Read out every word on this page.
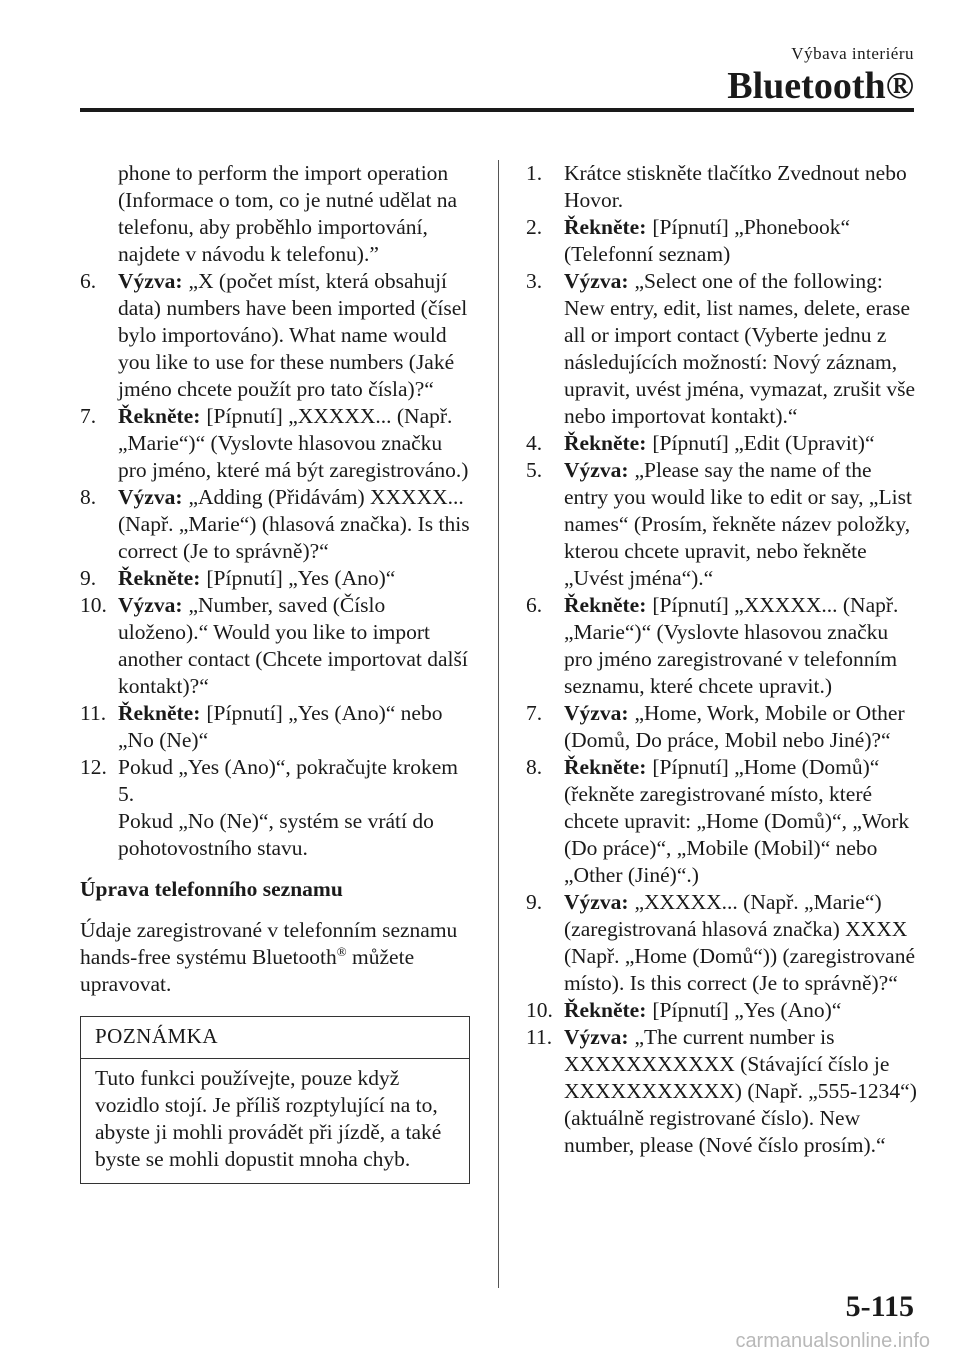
Výbava interiéru
Bluetooth®
phone to perform the import operation (Informace o tom, co je nutné udělat na telefonu, aby proběhlo importování, najdete v návodu k telefonu).”
6. Výzva: „X (počet míst, která obsahují data) numbers have been imported (čísel bylo importováno). What name would you like to use for these numbers (Jaké jméno chcete použít pro tato čísla)?“
7. Řekněte: [Pípnutí] „XXXXX... (Např. „Marie“)“ (Vyslovte hlasovou značku pro jméno, které má být zaregistrováno.)
8. Výzva: „Adding (Přidávám) XXXXX... (Např. „Marie“) (hlasová značka). Is this correct (Je to správně)?“
9. Řekněte: [Pípnutí] „Yes (Ano)“
10. Výzva: „Number, saved (Číslo uloženo).“ Would you like to import another contact (Chcete importovat další kontakt)?“
11. Řekněte: [Pípnutí] „Yes (Ano)“ nebo „No (Ne)“
12. Pokud „Yes (Ano)“, pokračujte krokem 5.
Pokud „No (Ne)“, systém se vrátí do pohotovostního stavu.
Úprava telefonního seznamu
Údaje zaregistrované v telefonním seznamu hands-free systému Bluetooth® můžete upravovat.
POZNÁMKA
Tuto funkci používejte, pouze když vozidlo stojí. Je příliš rozptylující na to, abyste ji mohli provádět při jízdě, a také byste se mohli dopustit mnoha chyb.
1. Krátce stiskněte tlačítko Zvednout nebo Hovor.
2. Řekněte: [Pípnutí] „Phonebook“ (Telefonní seznam)
3. Výzva: „Select one of the following: New entry, edit, list names, delete, erase all or import contact (Vyberte jednu z následujících možností: Nový záznam, upravit, uvést jména, vymazat, zrušit vše nebo importovat kontakt).“
4. Řekněte: [Pípnutí] „Edit (Upravit)“
5. Výzva: „Please say the name of the entry you would like to edit or say, „List names“ (Prosím, řekněte název položky, kterou chcete upravit, nebo řekněte „Uvést jména“).“
6. Řekněte: [Pípnutí] „XXXXX... (Např. „Marie“)“ (Vyslovte hlasovou značku pro jméno zaregistrované v telefonním seznamu, které chcete upravit.)
7. Výzva: „Home, Work, Mobile or Other (Domů, Do práce, Mobil nebo Jiné)?“
8. Řekněte: [Pípnutí] „Home (Domů)“ (řekněte zaregistrované místo, které chcete upravit: „Home (Domů)“, „Work (Do práce)“, „Mobile (Mobil)“ nebo „Other (Jiné)“.)
9. Výzva: „XXXXX... (Např. „Marie“) (zaregistrovaná hlasová značka) XXXX (Např. „Home (Domů“)) (zaregistrované místo). Is this correct (Je to správně)?“
10. Řekněte: [Pípnutí] „Yes (Ano)“
11. Výzva: „The current number is XXXXXXXXXXX (Stávající číslo je XXXXXXXXXXX) (Např. „555-1234“) (aktuálně registrované číslo). New number, please (Nové číslo prosím).“
5-115
carmanualsonline.info
